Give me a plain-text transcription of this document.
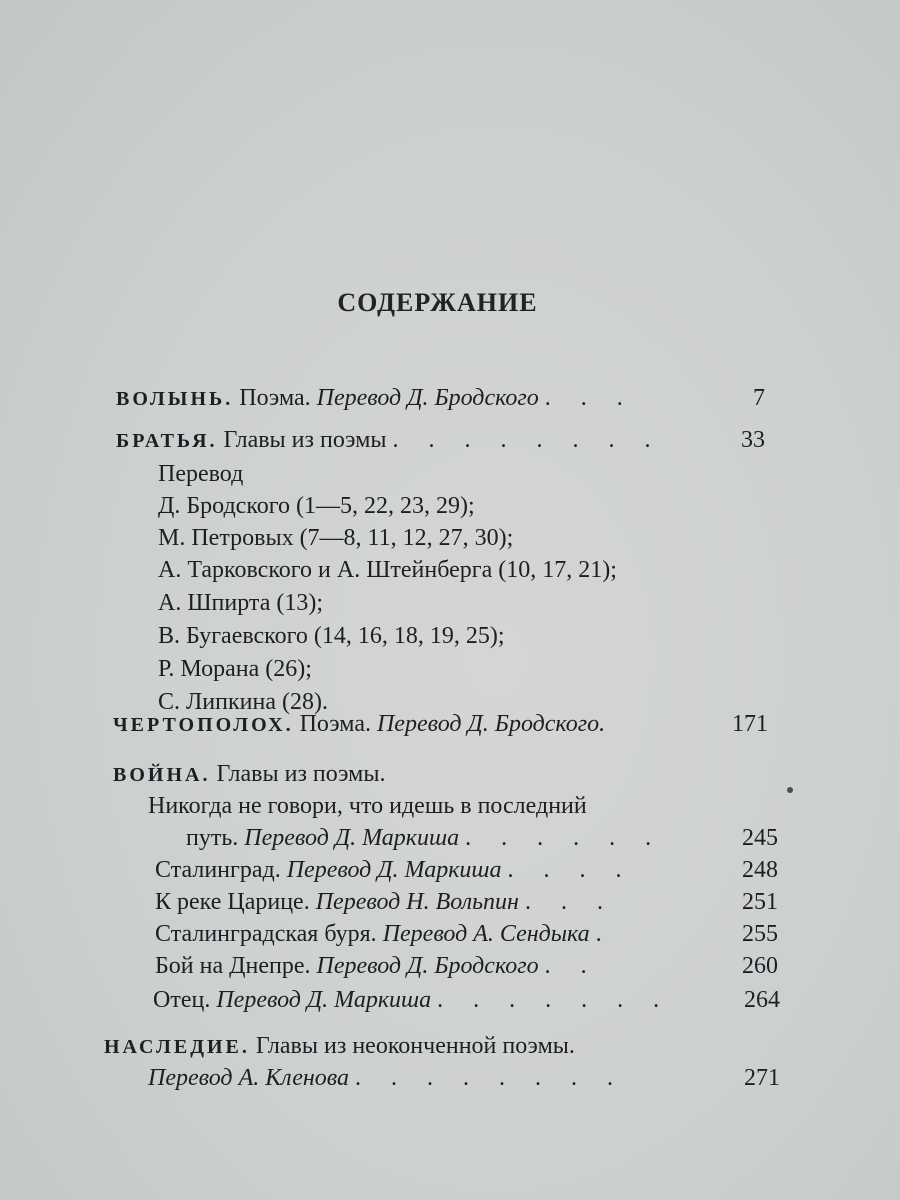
СОДЕРЖАНИЕ
ВОЛЫНЬ. Поэма. Перевод Д. Бродского . . .	7
БРАТЬЯ. Главы из поэмы . . . . . . . .	33
Перевод
Д. Бродского (1—5, 22, 23, 29);
М. Петровых (7—8, 11, 12, 27, 30);
А. Тарковского и А. Штейнберга (10, 17, 21);
А. Шпирта (13);
В. Бугаевского (14, 16, 18, 19, 25);
Р. Морана (26);
С. Липкина (28).
ЧЕРТОПОЛОХ. Поэма. Перевод Д. Бродского.	171
ВОЙНА. Главы из поэмы.
Никогда не говори, что идешь в последний
путь. Перевод Д. Маркиша . . . . . .	245
Сталинград. Перевод Д. Маркиша . . . .	248
К реке Царице. Перевод Н. Вольпин . . .	251
Сталинградская буря. Перевод А. Сендыка .	255
Бой на Днепре. Перевод Д. Бродского . .	260
Отец. Перевод Д. Маркиша . . . . . . .	264
НАСЛЕДИЕ. Главы из неоконченной поэмы.
Перевод А. Кленова . . . . . . . .	271
